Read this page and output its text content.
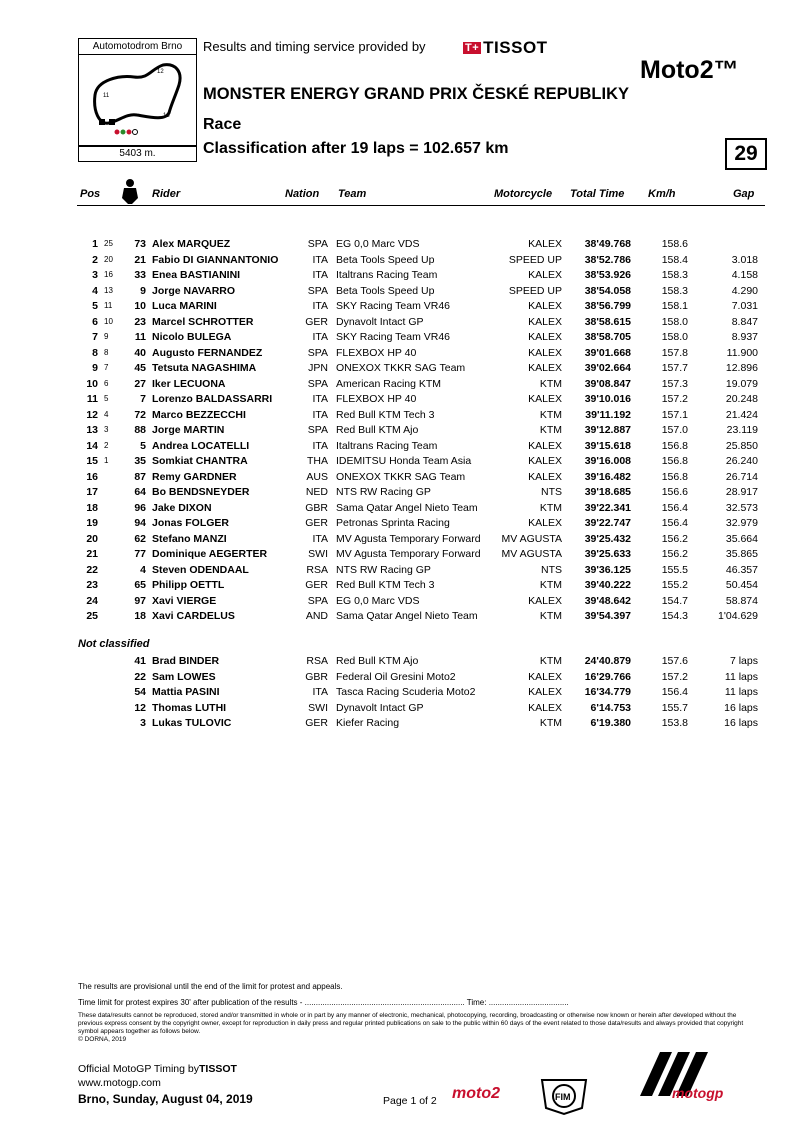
Automotodrom Brno
11
12
13
5403 m.
Results and timing service provided by	T+ TISSOT
Moto2™
MONSTER ENERGY GRAND PRIX ČESKÉ REPUBLIKY
Race
Classification after 19 laps = 102.657 km	29
Pos	Rider	Nation Team	Motorcycle Total Time Km/h	Gap
1 25	73 Alex MARQUEZ	SPA EG 0,0 Marc VDS	KALEX	38'49.768	158.6
2 20	21 Fabio DI GIANNANTONIO	ITA Beta Tools Speed Up	SPEED UP	38'52.786	158.4	3.018
3 16	33 Enea BASTIANINI	ITA Italtrans Racing Team	KALEX	38'53.926	158.3	4.158
4 13	9 Jorge NAVARRO	SPA Beta Tools Speed Up	SPEED UP	38'54.058	158.3	4.290
5 11	10 Luca MARINI	ITA SKY Racing Team VR46	KALEX	38'56.799	158.1	7.031
6 10	23 Marcel SCHROTTER	GER Dynavolt Intact GP	KALEX	38'58.615	158.0	8.847
7 9	11 Nicolo BULEGA	ITA SKY Racing Team VR46	KALEX	38'58.705	158.0	8.937
8 8	40 Augusto FERNANDEZ	SPA FLEXBOX HP 40	KALEX	39'01.668	157.8	11.900
9 7	45 Tetsuta NAGASHIMA	JPN ONEXOX TKKR SAG Team	KALEX	39'02.664	157.7	12.896
10 6	27 Iker LECUONA	SPA American Racing KTM	KTM	39'08.847	157.3	19.079
11 5	7 Lorenzo BALDASSARRI	ITA FLEXBOX HP 40	KALEX	39'10.016	157.2	20.248
12 4	72 Marco BEZZECCHI	ITA Red Bull KTM Tech 3	KTM	39'11.192	157.1	21.424
13 3	88 Jorge MARTIN	SPA Red Bull KTM Ajo	KTM	39'12.887	157.0	23.119
14 2	5 Andrea LOCATELLI	ITA Italtrans Racing Team	KALEX	39'15.618	156.8	25.850
15 1	35 Somkiat CHANTRA	THA IDEMITSU Honda Team Asia	KALEX	39'16.008	156.8	26.240
16	87 Remy GARDNER	AUS ONEXOX TKKR SAG Team	KALEX	39'16.482	156.8	26.714
17	64 Bo BENDSNEYDER	NED NTS RW Racing GP	NTS	39'18.685	156.6	28.917
18	96 Jake DIXON	GBR Sama Qatar Angel Nieto Team	KTM	39'22.341	156.4	32.573
19	94 Jonas FOLGER	GER Petronas Sprinta Racing	KALEX	39'22.747	156.4	32.979
20	62 Stefano MANZI	ITA MV Agusta Temporary Forward	MV AGUSTA	39'25.432	156.2	35.664
21	77 Dominique AEGERTER	SWI MV Agusta Temporary Forward	MV AGUSTA	39'25.633	156.2	35.865
22	4 Steven ODENDAAL	RSA NTS RW Racing GP	NTS	39'36.125	155.5	46.357
23	65 Philipp OETTL	GER Red Bull KTM Tech 3	KTM	39'40.222	155.2	50.454
24	97 Xavi VIERGE	SPA EG 0,0 Marc VDS	KALEX	39'48.642	154.7	58.874
25	18 Xavi CARDELUS	AND Sama Qatar Angel Nieto Team	KTM	39'54.397	154.3	1'04.629
Not classified
41 Brad BINDER	RSA Red Bull KTM Ajo	KTM	24'40.879	157.6	7 laps
22 Sam LOWES	GBR Federal Oil Gresini Moto2	KALEX	16'29.766	157.2	11 laps
54 Mattia PASINI	ITA Tasca Racing Scuderia Moto2	KALEX	16'34.779	156.4	11 laps
12 Thomas LUTHI	SWI Dynavolt Intact GP	KALEX	6'14.753	155.7	16 laps
3 Lukas TULOVIC	GER Kiefer Racing	KTM	6'19.380	153.8	16 laps
The results are provisional until the end of the limit for protest and appeals.
Time limit for protest expires 30' after publication of the results - ........................................................................ Time: ....................................
These data/results cannot be reproduced, stored and/or transmitted in whole or in part by any manner of electronic, mechanical, photocopying, recording, broadcasting or otherwise now known or herein after developed without the previous express consent by the copyright owner, except for reproduction in daily press and regular printed publications on sale to the public within 60 days of the event related to those data/results and always provided that copyright symbol appears together as follows below.
© DORNA, 2019
Official MotoGP Timing byTISSOT
www.motogp.com
Brno, Sunday, August 04, 2019	Page 1 of 2 moto2	FIM	motogp
